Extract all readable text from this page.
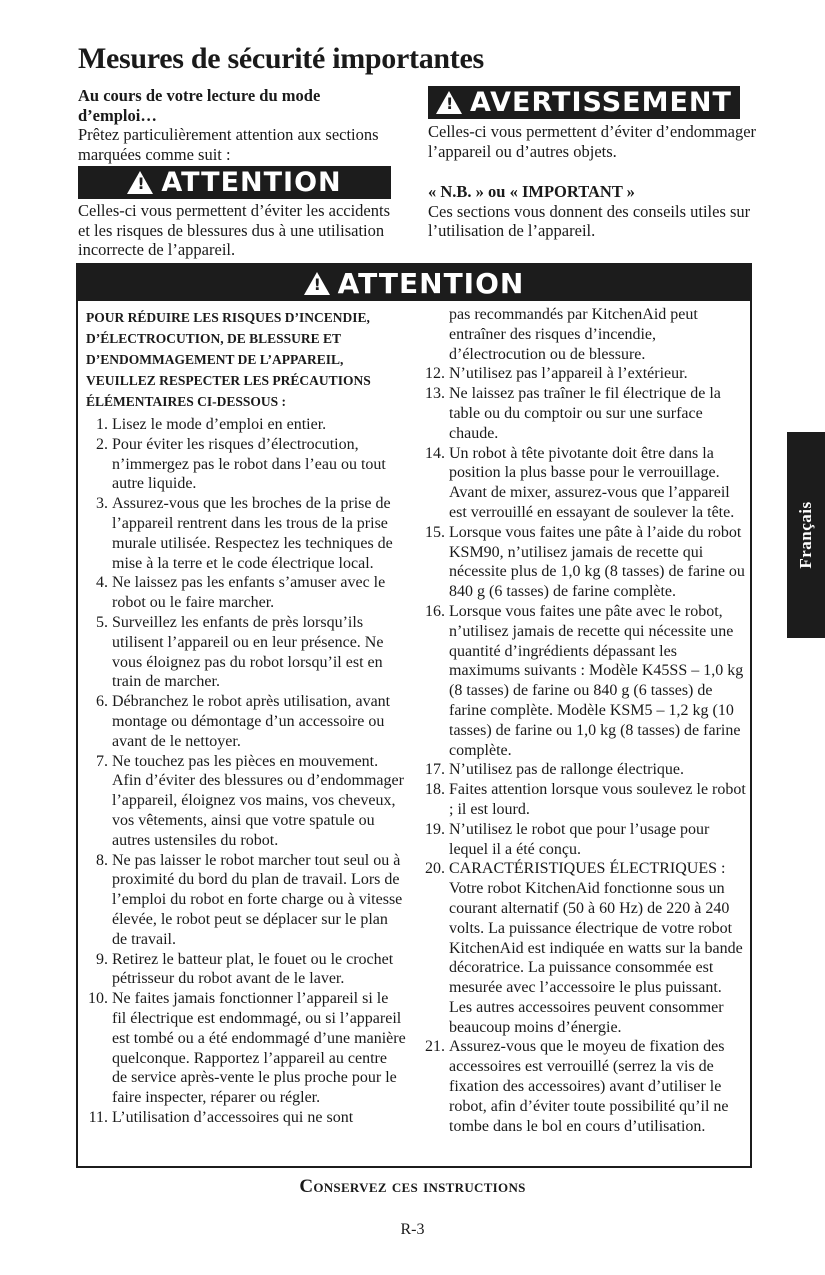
Mesures de sécurité importantes
Au cours de votre lecture du mode d’emploi…
Prêtez particulièrement attention aux sections marquées comme suit :
! ATTENTION
Celles-ci vous permettent d’éviter les accidents et les risques de blessures dus à une utilisation incorrecte de l’appareil.
! AVERTISSEMENT
Celles-ci vous permettent d’éviter d’endommager l’appareil ou d’autres objets.
« N.B. » ou « IMPORTANT »
Ces sections vous donnent des conseils utiles sur l’utilisation de l’appareil.
! ATTENTION
POUR RÉDUIRE LES RISQUES D’INCENDIE, D’ÉLECTROCUTION, DE BLESSURE ET D’ENDOMMAGEMENT DE L’APPAREIL, VEUILLEZ RESPECTER LES PRÉCAUTIONS ÉLÉMENTAIRES CI-DESSOUS :
1. Lisez le mode d’emploi en entier.
2. Pour éviter les risques d’électrocution, n’immergez pas le robot dans l’eau ou tout autre liquide.
3. Assurez-vous que les broches de la prise de l’appareil rentrent dans les trous de la prise murale utilisée. Respectez les techniques de mise à la terre et le code électrique local.
4. Ne laissez pas les enfants s’amuser avec le robot ou le faire marcher.
5. Surveillez les enfants de près lorsqu’ils utilisent l’appareil ou en leur présence. Ne vous éloignez pas du robot lorsqu’il est en train de marcher.
6. Débranchez le robot après utilisation, avant montage ou démontage d’un accessoire ou avant de le nettoyer.
7. Ne touchez pas les pièces en mouvement. Afin d’éviter des blessures ou d’endommager l’appareil, éloignez vos mains, vos cheveux, vos vêtements, ainsi que votre spatule ou autres ustensiles du robot.
8. Ne pas laisser le robot marcher tout seul ou à proximité du bord du plan de travail. Lors de l’emploi du robot en forte charge ou à vitesse élevée, le robot peut se déplacer sur le plan de travail.
9. Retirez le batteur plat, le fouet ou le crochet pétrisseur du robot avant de le laver.
10. Ne faites jamais fonctionner l’appareil si le fil électrique est endommagé, ou si l’appareil est tombé ou a été endommagé d’une manière quelconque. Rapportez l’appareil au centre de service après-vente le plus proche pour le faire inspecter, réparer ou régler.
11. L’utilisation d’accessoires qui ne sont
pas recommandés par KitchenAid peut entraîner des risques d’incendie, d’électrocution ou de blessure.
12. N’utilisez pas l’appareil à l’extérieur.
13. Ne laissez pas traîner le fil électrique de la table ou du comptoir ou sur une surface chaude.
14. Un robot à tête pivotante doit être dans la position la plus basse pour le verrouillage. Avant de mixer, assurez-vous que l’appareil est verrouillé en essayant de soulever la tête.
15. Lorsque vous faites une pâte à l’aide du robot KSM90, n’utilisez jamais de recette qui nécessite plus de 1,0 kg (8 tasses) de farine ou 840 g (6 tasses) de farine complète.
16. Lorsque vous faites une pâte avec le robot, n’utilisez jamais de recette qui nécessite une quantité d’ingrédients dépassant les maximums suivants : Modèle K45SS – 1,0 kg (8 tasses) de farine ou 840 g (6 tasses) de farine complète. Modèle KSM5 – 1,2 kg (10 tasses) de farine ou 1,0 kg (8 tasses) de farine complète.
17. N’utilisez pas de rallonge électrique.
18. Faites attention lorsque vous soulevez le robot ; il est lourd.
19. N’utilisez le robot que pour l’usage pour lequel il a été conçu.
20. CARACTÉRISTIQUES ÉLECTRIQUES : Votre robot KitchenAid fonctionne sous un courant alternatif (50 à 60 Hz) de 220 à 240 volts. La puissance électrique de votre robot KitchenAid est indiquée en watts sur la bande décoratrice. La puissance consommée est mesurée avec l’accessoire le plus puissant. Les autres accessoires peuvent consommer beaucoup moins d’énergie.
21. Assurez-vous que le moyeu de fixation des accessoires est verrouillé (serrez la vis de fixation des accessoires) avant d’utiliser le robot, afin d’éviter toute possibilité qu’il ne tombe dans le bol en cours d’utilisation.
Conservez ces instructions
R-3
Français
